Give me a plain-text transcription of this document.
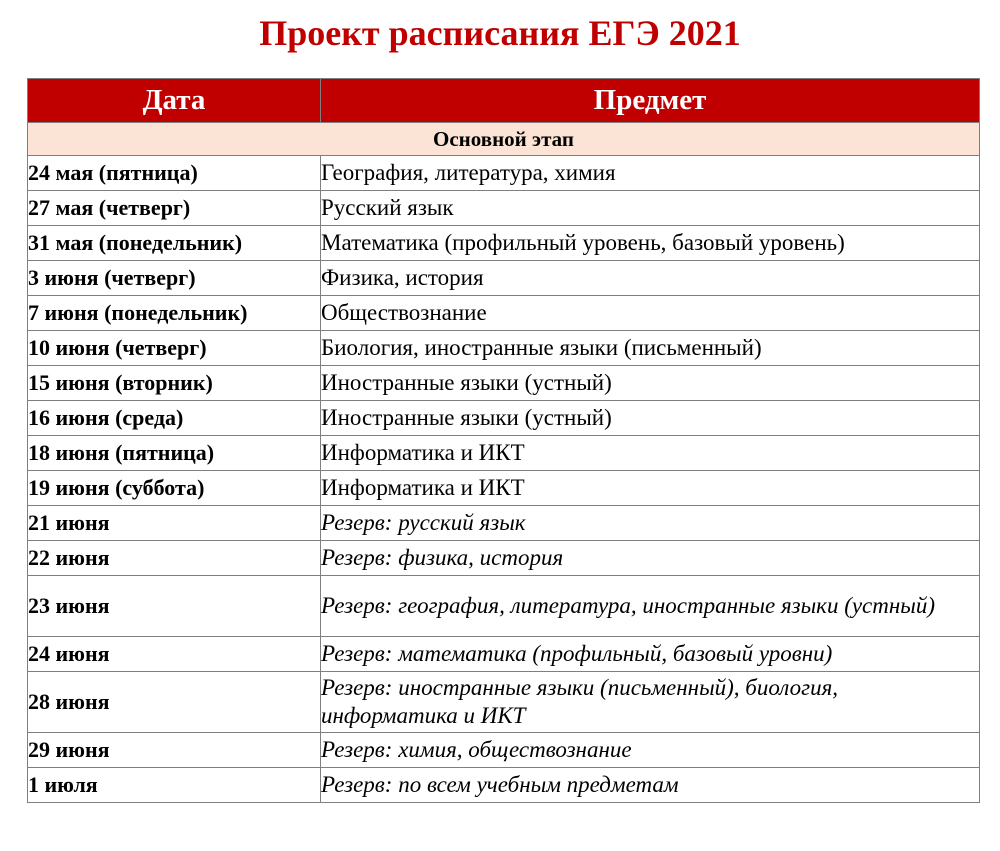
Проект расписания ЕГЭ 2021
Дата	Предмет
Основной этап	
24 мая (пятница)	География, литература, химия
27 мая (четверг)	Русский язык
31 мая (понедельник)	Математика (профильный уровень, базовый уровень)
3 июня (четверг)	Физика, история
7 июня (понедельник)	Обществознание
10 июня (четверг)	Биология, иностранные языки (письменный)
15 июня (вторник)	Иностранные языки (устный)
16 июня (среда)	Иностранные языки (устный)
18 июня (пятница)	Информатика и ИКТ
19 июня (суббота)	Информатика и ИКТ
21 июня	Резерв: русский язык
22 июня	Резерв: физика, история
23 июня	Резерв: география, литература, иностранные языки (устный)
24 июня	Резерв: математика (профильный, базовый уровни)
28 июня	Резерв: иностранные языки (письменный), биология, информатика и ИКТ
29 июня	Резерв: химия, обществознание
1 июля	Резерв: по всем учебным предметам
